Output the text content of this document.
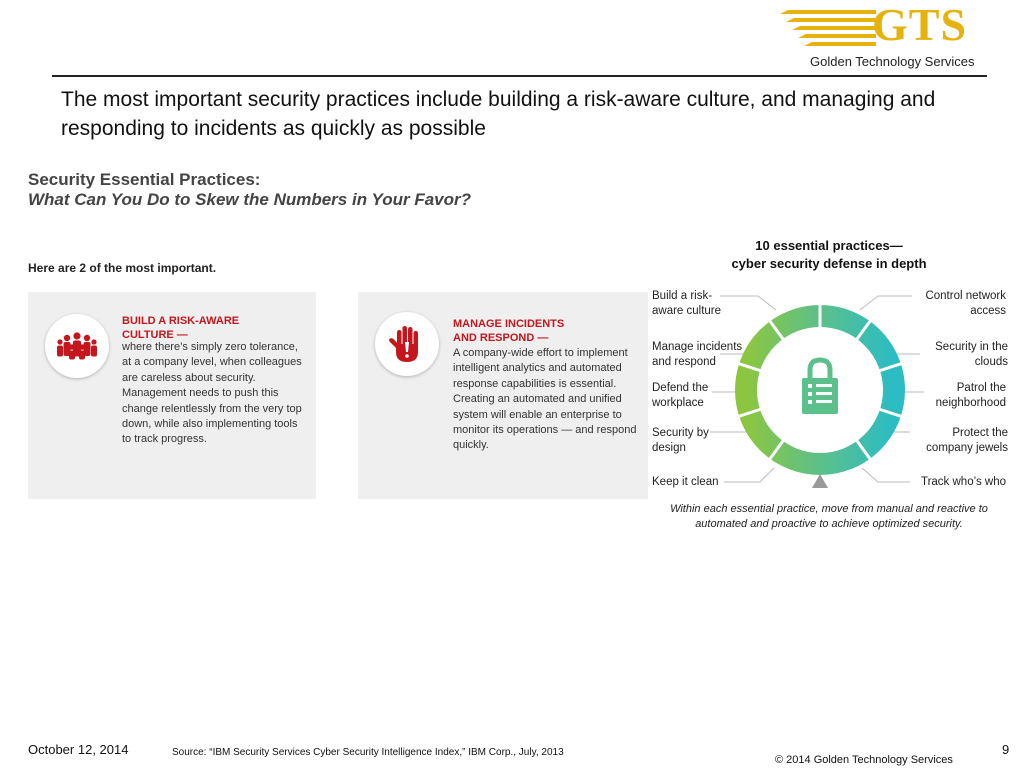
GTS
Golden Technology Services
The most important security practices include building a risk-aware culture, and managing and responding to incidents as quickly as possible
Security Essential Practices:
What Can You Do to Skew the Numbers in Your Favor?
Here are 2 of the most important.
BUILD A RISK-AWARE
CULTURE —
where there’s simply zero tolerance, at a company level, when colleagues are careless about security. Management needs to push this change relentlessly from the very top down, while also implementing tools to track progress.
MANAGE INCIDENTS
AND RESPOND —
A company-wide effort to implement intelligent analytics and automated response capabilities is essential. Creating an automated and unified system will enable an enterprise to monitor its operations — and respond quickly.
10 essential practices—
cyber security defense in depth
Build a risk-
aware culture
Manage incidents
and respond
Defend the
workplace
Security by
design
Keep it clean
Control network
access
Security in the
clouds
Patrol the
neighborhood
Protect the
company jewels
Track who’s who
Within each essential practice, move from manual and reactive to
automated and proactive to achieve optimized security.
October 12, 2014	Source: “IBM Security Services Cyber Security Intelligence Index,” IBM Corp., July, 2013	9
© 2014 Golden Technology Services
